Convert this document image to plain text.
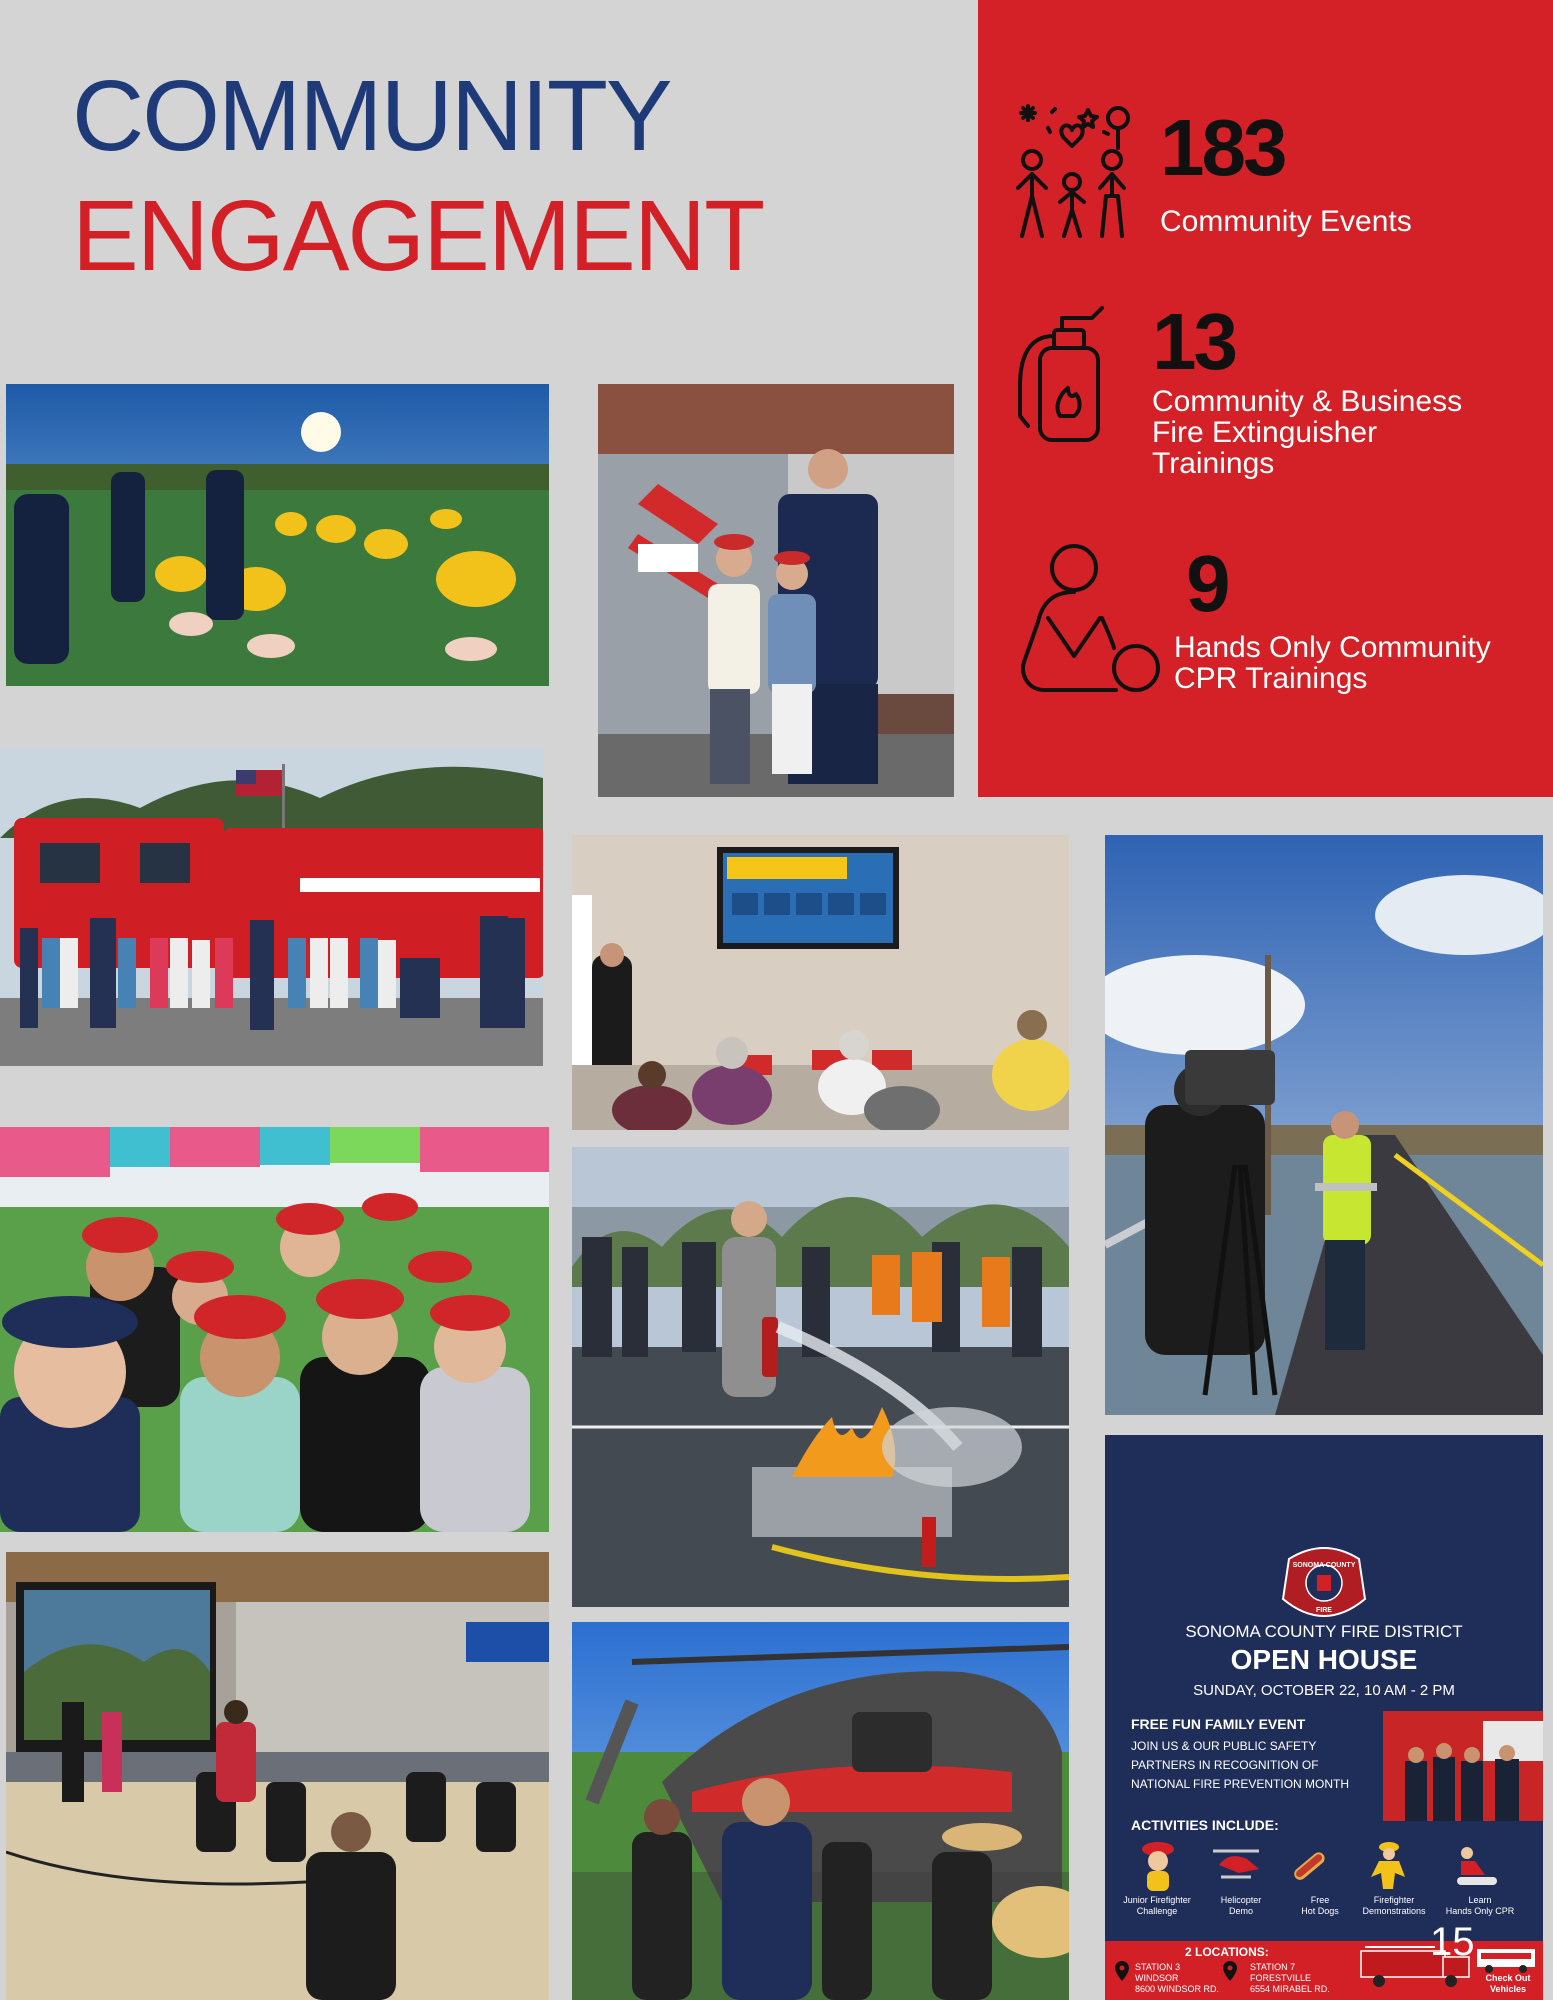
COMMUNITY
ENGAGEMENT
183
Community Events
13
Community & Business
Fire Extinguisher
Trainings
9
Hands Only Community
CPR Trainings
SONOMA COUNTY
FIRE
SONOMA COUNTY FIRE DISTRICT
OPEN HOUSE
SUNDAY, OCTOBER 22, 10 AM - 2 PM
FREE FUN FAMILY EVENT
JOIN US & OUR PUBLIC SAFETY
PARTNERS IN RECOGNITION OF
NATIONAL FIRE PREVENTION MONTH
ACTIVITIES INCLUDE:
2 LOCATIONS:
Junior Firefighter
Challenge
Helicopter
Demo
Free
Hot Dogs
Firefighter
Demonstrations
Learn
Hands Only CPR
STATION 3
WINDSOR
8600 WINDSOR RD.
STATION 7
FORESTVILLE
6554 MIRABEL RD.
Check Out
Vehicles
15
